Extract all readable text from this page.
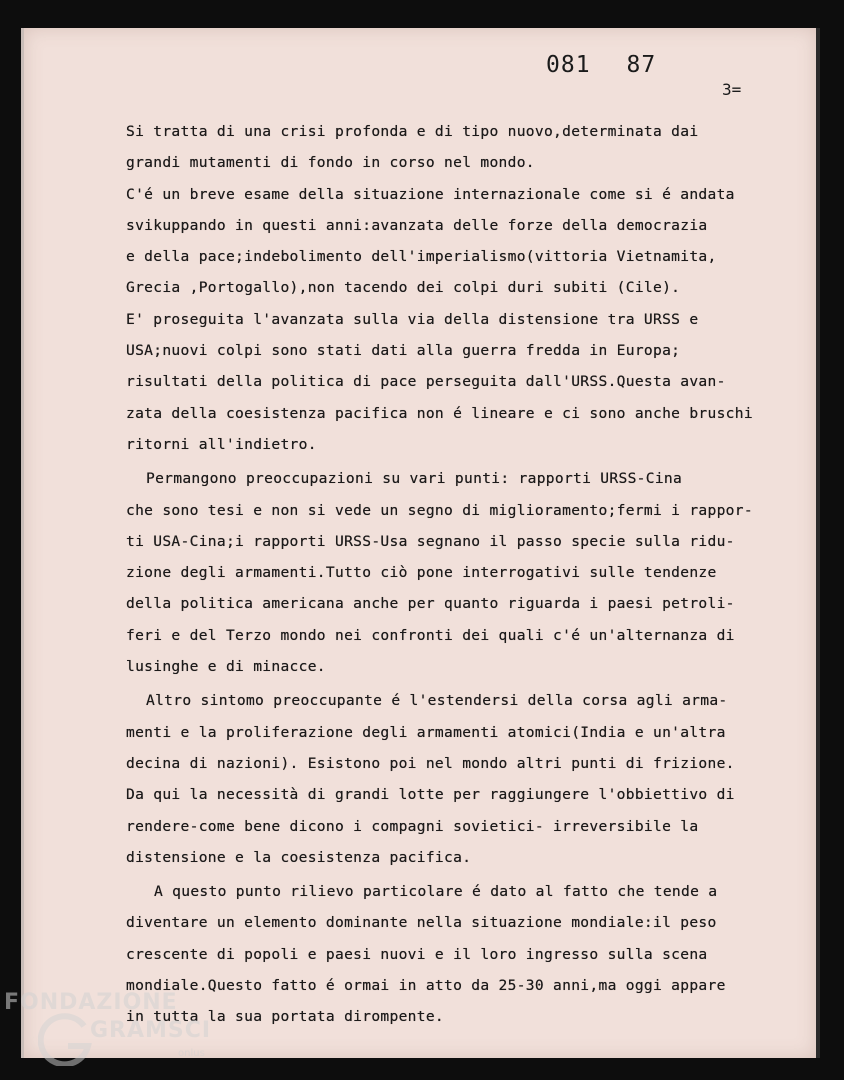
081 87
3=
Si tratta di una crisi profonda e di tipo nuovo,determinata dai
grandi mutamenti di fondo in corso nel mondo.
C'é un breve esame della situazione internazionale come si é andata
svikuppando in questi anni:avanzata delle forze della democrazia
e della pace;indebolimento dell'imperialismo(vittoria Vietnamita,
Grecia ,Portogallo),non tacendo dei colpi duri subiti (Cile).
E' proseguita l'avanzata sulla via della distensione tra URSS e
USA;nuovi colpi sono stati dati alla guerra fredda in Europa;
risultati della politica di pace perseguita dall'URSS.Questa avan-
zata della coesistenza pacifica non é lineare e ci sono anche bruschi
ritorni all'indietro.
Permangono preoccupazioni su vari punti: rapporti URSS-Cina
che sono tesi e non si vede un segno di miglioramento;fermi i rappor-
ti USA-Cina;i rapporti URSS-Usa segnano il passo specie sulla ridu-
zione degli armamenti.Tutto ciò pone interrogativi sulle tendenze
della politica americana anche per quanto riguarda i paesi petroli-
feri e del Terzo mondo nei confronti dei quali c'é un'alternanza di
lusinghe e di minacce.
Altro sintomo preoccupante é l'estendersi della corsa agli arma-
menti e la proliferazione degli armamenti atomici(India e un'altra
decina di nazioni). Esistono poi nel mondo altri punti di frizione.
Da qui la necessità di grandi lotte per raggiungere l'obbiettivo di
rendere-come bene dicono i compagni sovietici- irreversibile la
distensione e la coesistenza pacifica.
A questo punto rilievo particolare é dato al fatto che tende a
diventare un elemento dominante nella situazione mondiale:il peso
crescente di popoli e paesi nuovi e il loro ingresso sulla scena
mondiale.Questo fatto é ormai in atto da 25-30 anni,ma oggi appare
in tutta la sua portata dirompente.
FONDAZIONE
GRAMSCI
onlus
